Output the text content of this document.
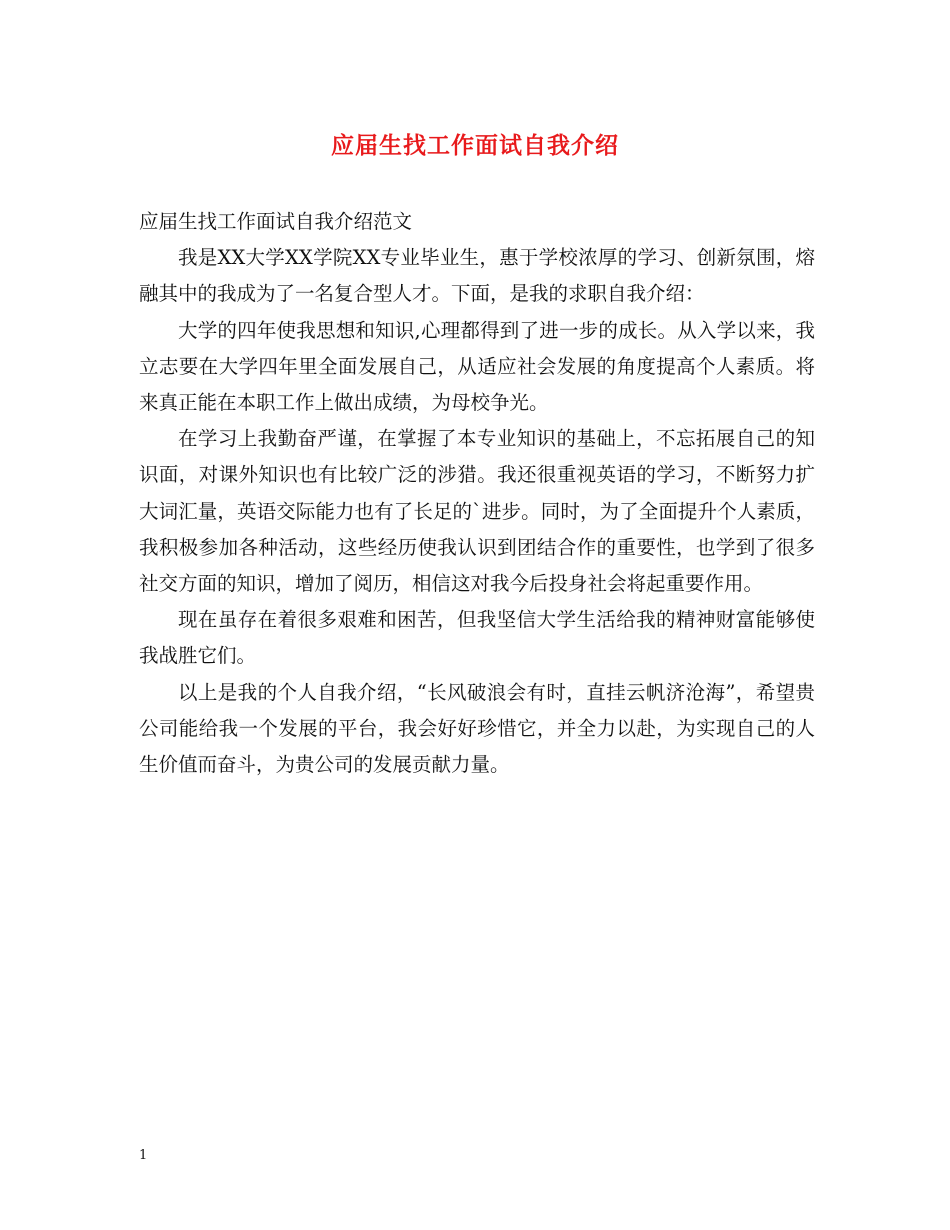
应届生找工作面试自我介绍

应届生找工作面试自我介绍范文

我是XX大学XX学院XX专业毕业生，惠于学校浓厚的学习、创新氛围，熔融其中的我成为了一名复合型人才。下面，是我的求职自我介绍：

大学的四年使我思想和知识,心理都得到了进一步的成长。从入学以来，我立志要在大学四年里全面发展自己，从适应社会发展的角度提高个人素质。将来真正能在本职工作上做出成绩，为母校争光。

在学习上我勤奋严谨，在掌握了本专业知识的基础上，不忘拓展自己的知识面，对课外知识也有比较广泛的涉猎。我还很重视英语的学习，不断努力扩大词汇量，英语交际能力也有了长足的`进步。同时，为了全面提升个人素质，我积极参加各种活动，这些经历使我认识到团结合作的重要性，也学到了很多社交方面的知识，增加了阅历，相信这对我今后投身社会将起重要作用。

现在虽存在着很多艰难和困苦，但我坚信大学生活给我的精神财富能够使我战胜它们。

以上是我的个人自我介绍，“长风破浪会有时，直挂云帆济沧海”，希望贵公司能给我一个发展的平台，我会好好珍惜它，并全力以赴，为实现自己的人生价值而奋斗，为贵公司的发展贡献力量。

1
